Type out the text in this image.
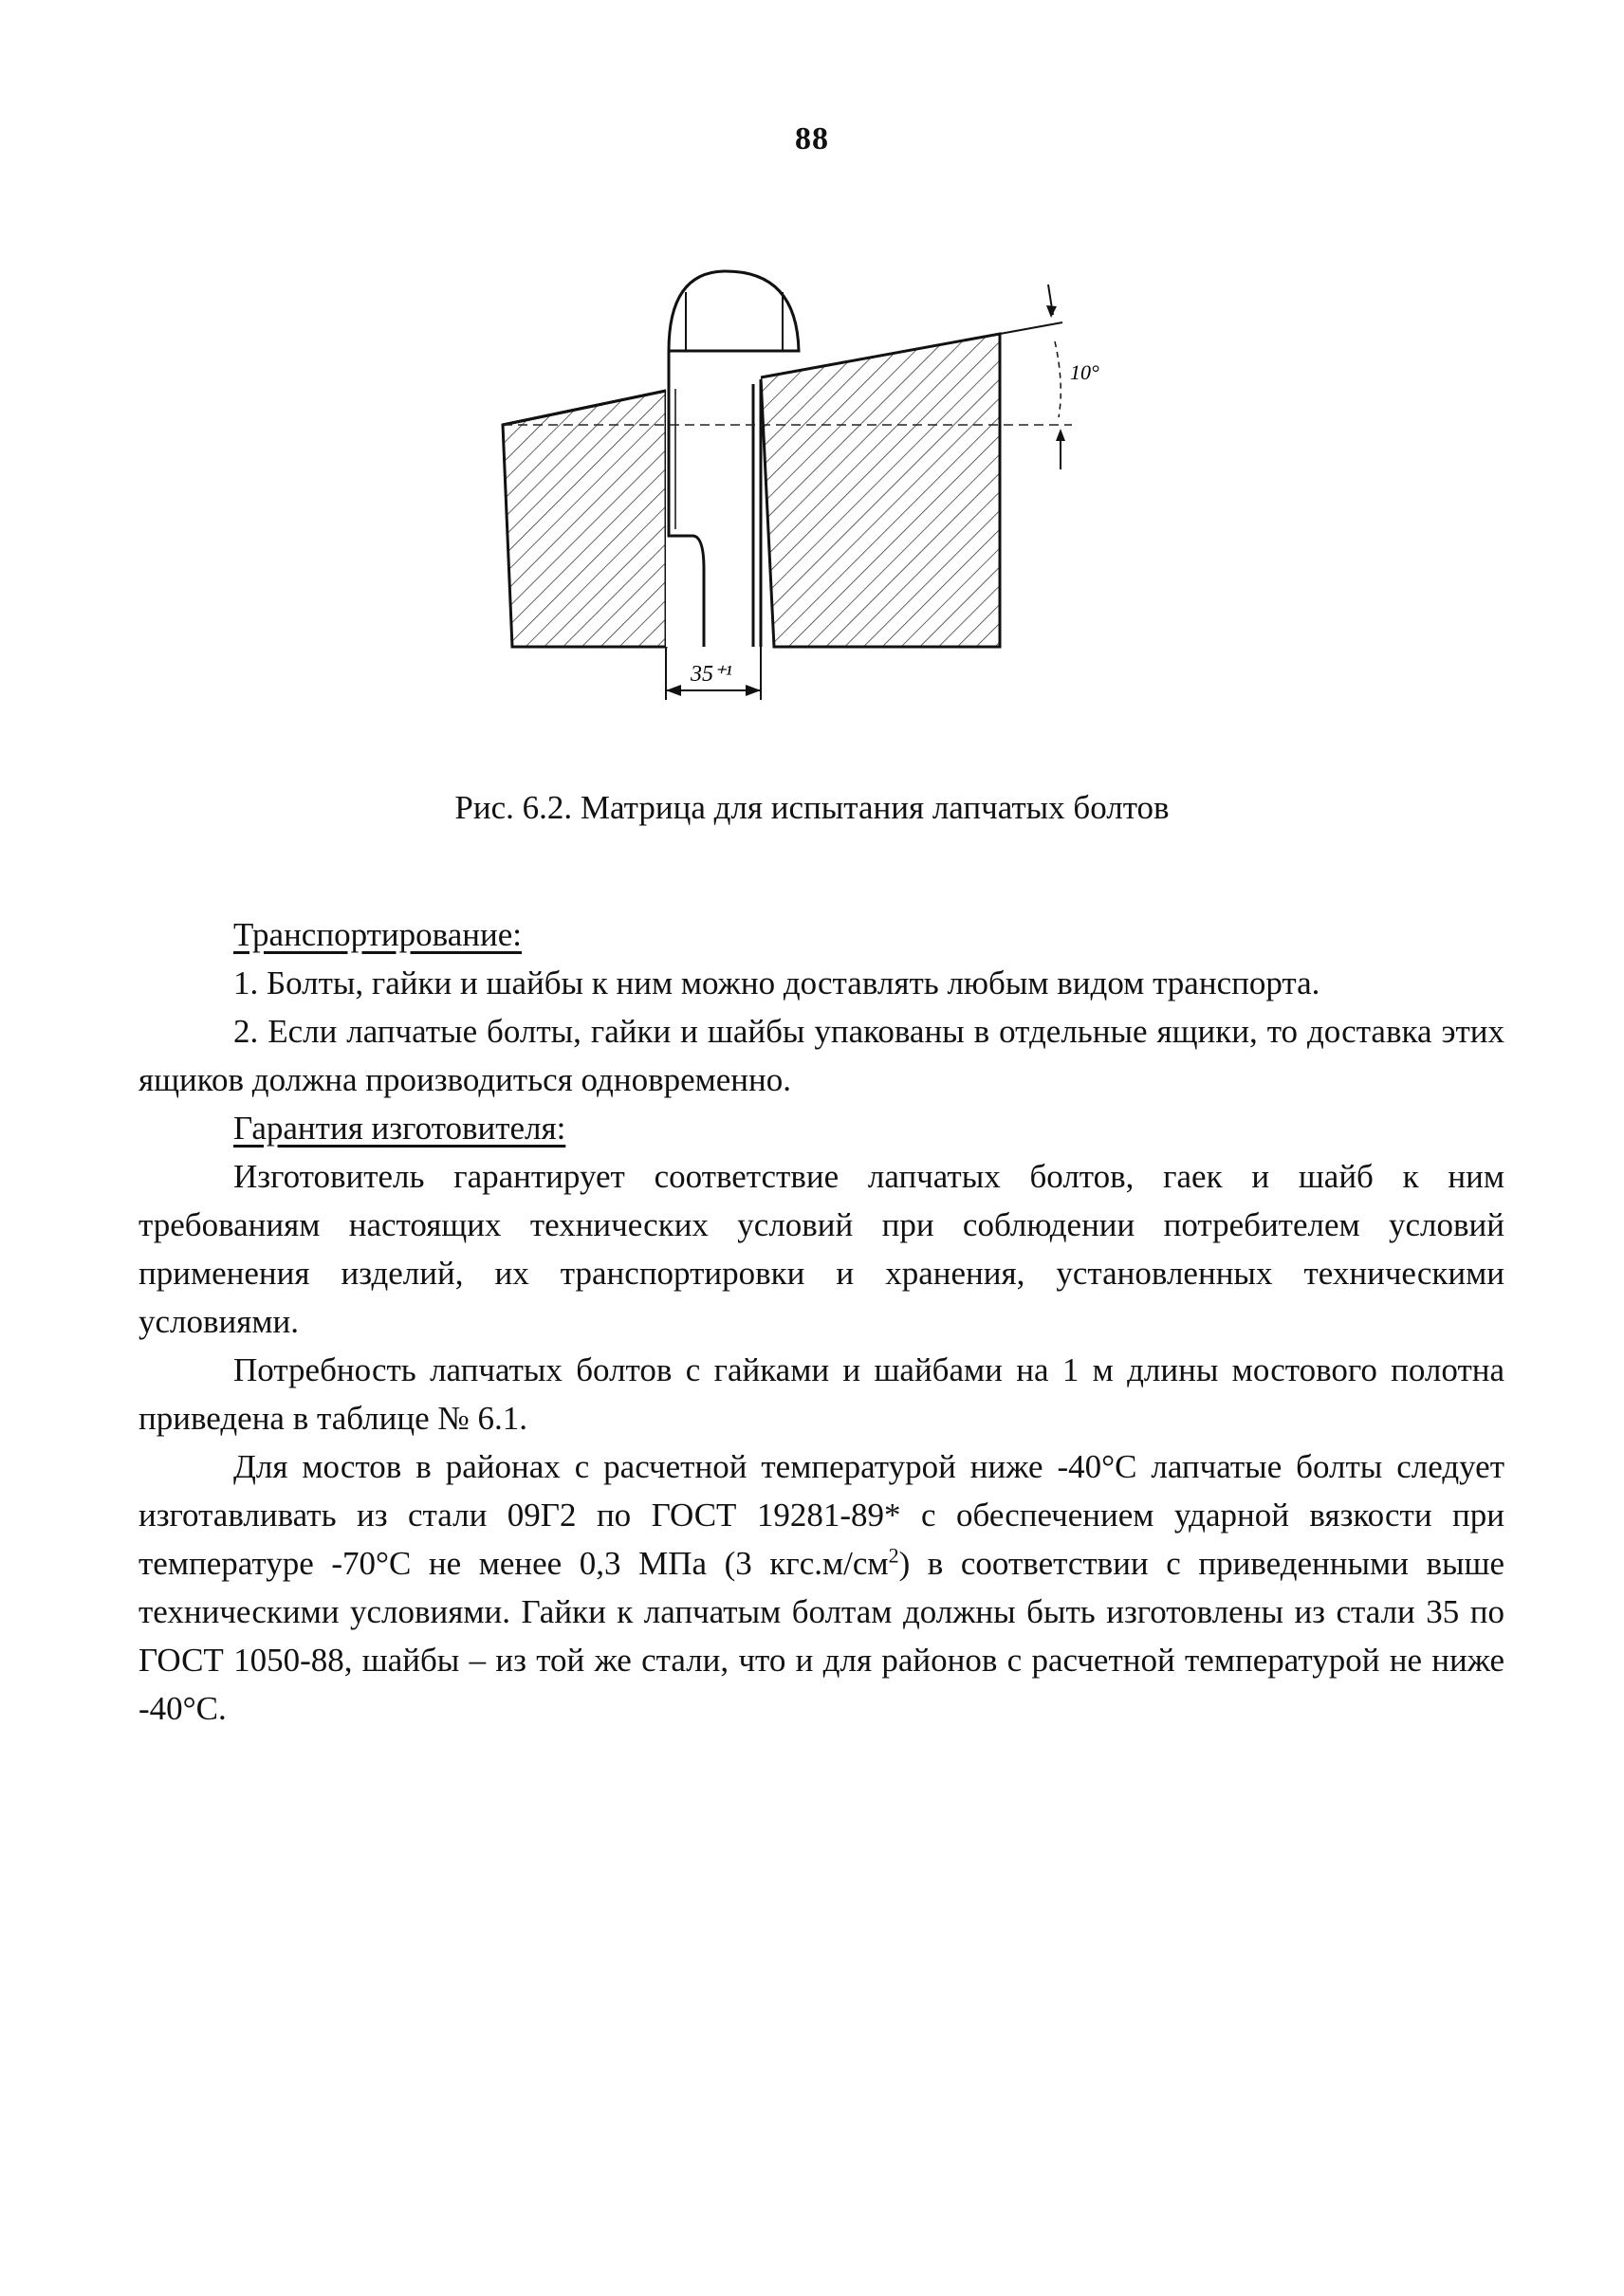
88
10°
35⁺¹
Рис. 6.2. Матрица для испытания лапчатых болтов

Транспортирование:

1. Болты, гайки и шайбы к ним можно доставлять любым видом транспорта.

2. Если лапчатые болты, гайки и шайбы упакованы в отдельные ящики, то доставка этих ящиков должна производиться одновременно.

Гарантия изготовителя:

Изготовитель гарантирует соответствие лапчатых болтов, гаек и шайб к ним требованиям настоящих технических условий при соблюдении потребителем условий применения изделий, их транспортировки и хранения, установленных техническими условиями.

Потребность лапчатых болтов с гайками и шайбами на 1 м длины мостового полотна приведена в таблице № 6.1.

Для мостов в районах с расчетной температурой ниже -40°С лапчатые болты следует изготавливать из стали 09Г2 по ГОСТ 19281-89* с обеспечением ударной вязкости при температуре -70°С не менее 0,3 МПа (3 $кгс.м/см^2$) в соответствии с приведенными выше техническими условиями. Гайки к лапчатым болтам должны быть изготовлены из стали 35 по ГОСТ 1050-88, шайбы – из той же стали, что и для районов с расчетной температурой не ниже -40°С.
